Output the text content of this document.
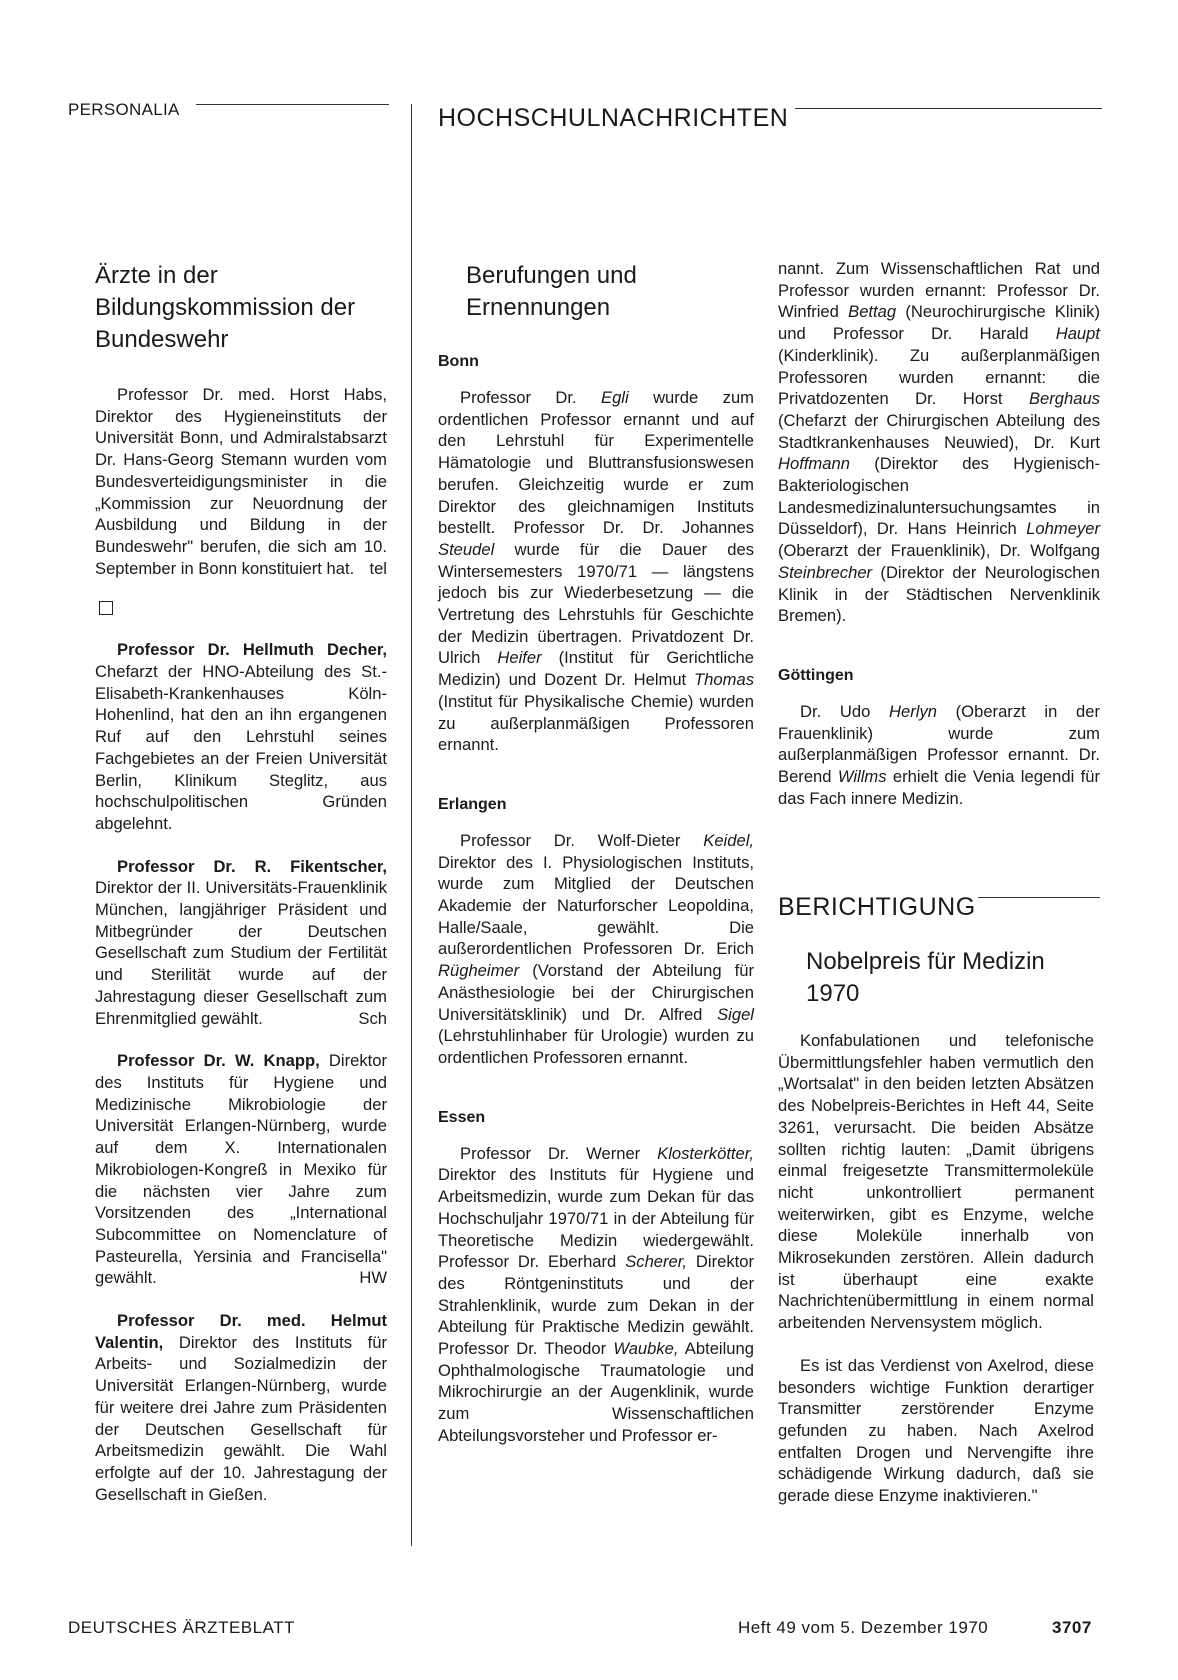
PERSONALIA	HOCHSCHULNACHRICHTEN
Ärzte in der Bildungskommission der Bundeswehr

Professor Dr. med. Horst Habs, Direktor des Hygieneinstituts der Universität Bonn, und Admiralstabsarzt Dr. Hans-Georg Stemann wurden vom Bundesverteidigungsminister in die „Kommission zur Neuordnung der Ausbildung und Bildung in der Bundeswehr" berufen, die sich am 10. September in Bonn konstituiert hat. tel

Professor Dr. Hellmuth Decher, Chefarzt der HNO-Abteilung des St.-Elisabeth-Krankenhauses Köln-Hohenlind, hat den an ihn ergangenen Ruf auf den Lehrstuhl seines Fachgebietes an der Freien Universität Berlin, Klinikum Steglitz, aus hochschulpolitischen Gründen abgelehnt.

Professor Dr. R. Fikentscher, Direktor der II. Universitäts-Frauenklinik München, langjähriger Präsident und Mitbegründer der Deutschen Gesellschaft zum Studium der Fertilität und Sterilität wurde auf der Jahrestagung dieser Gesellschaft zum Ehrenmitglied gewählt.	Sch

Professor Dr. W. Knapp, Direktor des Instituts für Hygiene und Medizinische Mikrobiologie der Universität Erlangen-Nürnberg, wurde auf dem X. Internationalen Mikrobiologen-Kongreß in Mexiko für die nächsten vier Jahre zum Vorsitzenden des „International Subcommittee on Nomenclature of Pasteurella, Yersinia and Francisella" gewählt.	HW

Professor Dr. med. Helmut Valentin, Direktor des Instituts für Arbeits- und Sozialmedizin der Universität Erlangen-Nürnberg, wurde für weitere drei Jahre zum Präsidenten der Deutschen Gesellschaft für Arbeitsmedizin gewählt. Die Wahl erfolgte auf der 10. Jahrestagung der Gesellschaft in Gießen.

Berufungen und Ernennungen

Bonn

Professor Dr. Egli wurde zum ordentlichen Professor ernannt und auf den Lehrstuhl für Experimentelle Hämatologie und Bluttransfusionswesen berufen. Gleichzeitig wurde er zum Direktor des gleichnamigen Instituts bestellt. Professor Dr. Dr. Johannes Steudel wurde für die Dauer des Wintersemesters 1970/71 — längstens jedoch bis zur Wiederbesetzung — die Vertretung des Lehrstuhls für Geschichte der Medizin übertragen. Privatdozent Dr. Ulrich Heifer (Institut für Gerichtliche Medizin) und Dozent Dr. Helmut Thomas (Institut für Physikalische Chemie) wurden zu außerplanmäßigen Professoren ernannt.

Erlangen

Professor Dr. Wolf-Dieter Keidel, Direktor des I. Physiologischen Instituts, wurde zum Mitglied der Deutschen Akademie der Naturforscher Leopoldina, Halle/Saale, gewählt. Die außerordentlichen Professoren Dr. Erich Rügheimer (Vorstand der Abteilung für Anästhesiologie bei der Chirurgischen Universitätsklinik) und Dr. Alfred Sigel (Lehrstuhlinhaber für Urologie) wurden zu ordentlichen Professoren ernannt.

Essen

Professor Dr. Werner Klosterkötter, Direktor des Instituts für Hygiene und Arbeitsmedizin, wurde zum Dekan für das Hochschuljahr 1970/71 in der Abteilung für Theoretische Medizin wiedergewählt. Professor Dr. Eberhard Scherer, Direktor des Röntgeninstituts und der Strahlenklinik, wurde zum Dekan in der Abteilung für Praktische Medizin gewählt. Professor Dr. Theodor Waubke, Abteilung Ophthalmologische Traumatologie und Mikrochirurgie an der Augenklinik, wurde zum Wissenschaftlichen Abteilungsvorsteher und Professor er-

nannt. Zum Wissenschaftlichen Rat und Professor wurden ernannt: Professor Dr. Winfried Bettag (Neurochirurgische Klinik) und Professor Dr. Harald Haupt (Kinderklinik). Zu außerplanmäßigen Professoren wurden ernannt: die Privatdozenten Dr. Horst Berghaus (Chefarzt der Chirurgischen Abteilung des Stadtkrankenhauses Neuwied), Dr. Kurt Hoffmann (Direktor des Hygienisch-Bakteriologischen Landesmedizinaluntersuchungsamtes in Düsseldorf), Dr. Hans Heinrich Lohmeyer (Oberarzt der Frauenklinik), Dr. Wolfgang Steinbrecher (Direktor der Neurologischen Klinik in der Städtischen Nervenklinik Bremen).

Göttingen

Dr. Udo Herlyn (Oberarzt in der Frauenklinik) wurde zum außerplanmäßigen Professor ernannt. Dr. Berend Willms erhielt die Venia legendi für das Fach innere Medizin.

BERICHTIGUNG
Nobelpreis für Medizin 1970

Konfabulationen und telefonische Übermittlungsfehler haben vermutlich den „Wortsalat" in den beiden letzten Absätzen des Nobelpreis-Berichtes in Heft 44, Seite 3261, verursacht. Die beiden Absätze sollten richtig lauten: „Damit übrigens einmal freigesetzte Transmittermoleküle nicht unkontrolliert permanent weiterwirken, gibt es Enzyme, welche diese Moleküle innerhalb von Mikrosekunden zerstören. Allein dadurch ist überhaupt eine exakte Nachrichtenübermittlung in einem normal arbeitenden Nervensystem möglich.

Es ist das Verdienst von Axelrod, diese besonders wichtige Funktion derartiger Transmitter zerstörender Enzyme gefunden zu haben. Nach Axelrod entfalten Drogen und Nervengifte ihre schädigende Wirkung dadurch, daß sie gerade diese Enzyme inaktivieren."

DEUTSCHES ÄRZTEBLATT	Heft 49 vom 5. Dezember 1970	3707
